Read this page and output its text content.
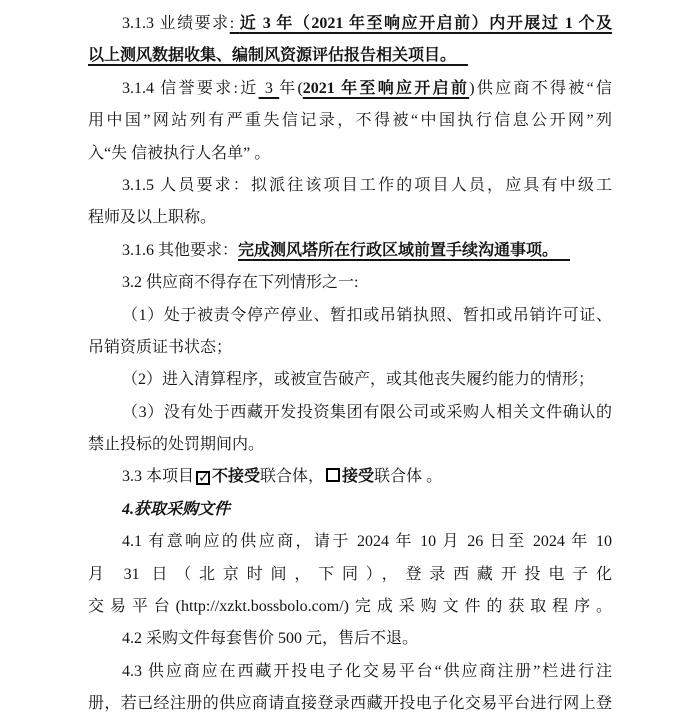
3.1.3 业绩要求: 近 3 年（2021 年至响应开启前）内开展过 1 个及
以上测风数据收集、编制风资源评估报告相关项目。
3.1.4 信誉要求:近 3 年(2021 年至响应开启前)供应商不得被“信
用中国”网站列有严重失信记录，不得被“中国执行信息公开网”列
入“失 信被执行人名单” 。
3.1.5 人员要求：拟派往该项目工作的项目人员，应具有中级工
程师及以上职称。
3.1.6 其他要求：完成测风塔所在行政区域前置手续沟通事项。
3.2 供应商不得存在下列情形之一:
（1）处于被责令停产停业、暂扣或吊销执照、暂扣或吊销许可证、
吊销资质证书状态；
（2）进入清算程序，或被宣告破产，或其他丧失履约能力的情形；
（3）没有处于西藏开发投资集团有限公司或采购人相关文件确认的
禁止投标的处罚期间内。
3.3 本项目 ✓ 不接受联合体， 接受联合体 。
4.获取采购文件
4.1 有意响应的供应商，请于 2024 年 10 月 26 日至 2024 年 10
月 31 日（北京时间，下同），登录西藏开投电子化
交易平台(http://xzkt.bossbolo.com/)完成采购文件的获取程序。
4.2 采购文件每套售价 500 元，售后不退。
4.3 供应商应在西藏开投电子化交易平台“供应商注册”栏进行注
册，若已经注册的供应商请直接登录西藏开投电子化交易平台进行网上登
